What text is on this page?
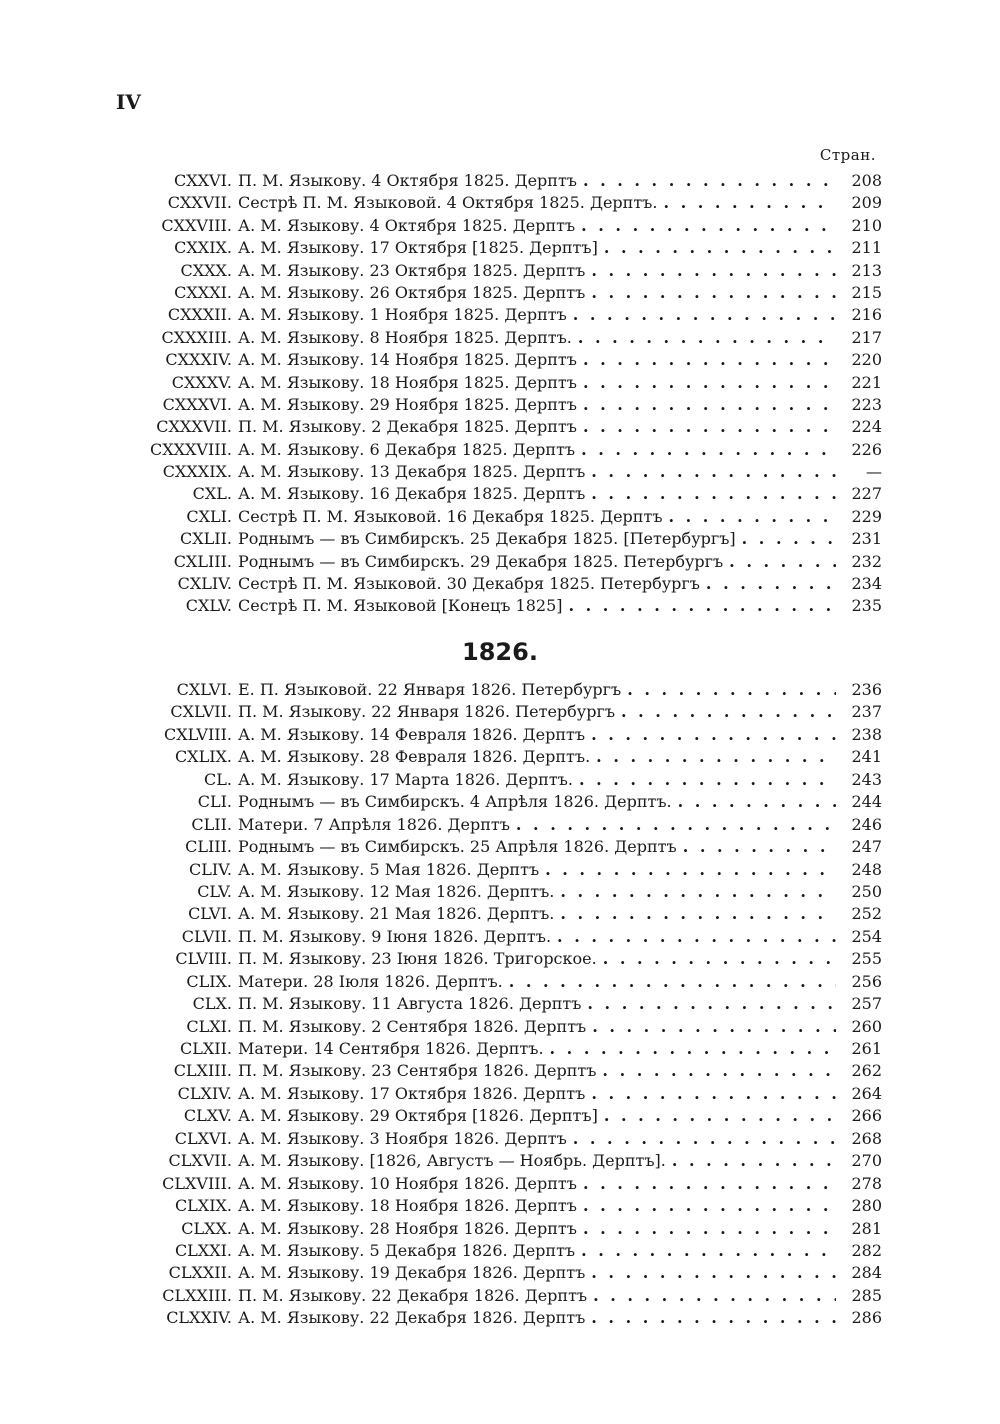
IV
Стран.
CXXVI. П. М. Языкову. 4 Октября 1825. Дерптъ . . .	208
CXXVII. Сестрѣ П. М. Языковой. 4 Октября 1825. Дерптъ. . . .	209
CXXVIII. А. М. Языкову. 4 Октября 1825. Дерптъ . . .	210
CXXIX. А. М. Языкову. 17 Октября [1825. Дерптъ] . . .	211
CXXX. А. М. Языкову. 23 Октября 1825. Дерптъ . . .	213
CXXXI. А. М. Языкову. 26 Октября 1825. Дерптъ . . .	215
CXXXII. А. М. Языкову. 1 Ноября 1825. Дерптъ . . .	216
CXXXIII. А. М. Языкову. 8 Ноября 1825. Дерптъ. . . .	217
CXXXIV. А. М. Языкову. 14 Ноября 1825. Дерптъ . . .	220
CXXXV. А. М. Языкову. 18 Ноября 1825. Дерптъ . . .	221
CXXXVI. А. М. Языкову. 29 Ноября 1825. Дерптъ . . .	223
CXXXVII. П. М. Языкову. 2 Декабря 1825. Дерптъ . . .	224
CXXXVIII. А. М. Языкову. 6 Декабря 1825. Дерптъ . . .	226
CXXXIX. А. М. Языкову. 13 Декабря 1825. Дерптъ . . .	—
CXL. А. М. Языкову. 16 Декабря 1825. Дерптъ . . .	227
CXLI. Сестрѣ П. М. Языковой. 16 Декабря 1825. Дерптъ . . .	229
CXLII. Роднымъ — въ Симбирскъ. 25 Декабря 1825. [Петербургъ] . . .	231
CXLIII. Роднымъ — въ Симбирскъ. 29 Декабря 1825. Петербургъ . . .	232
CXLIV. Сестрѣ П. М. Языковой. 30 Декабря 1825. Петербургъ . . .	234
CXLV. Сестрѣ П. М. Языковой [Конецъ 1825] . . .	235
1826.
CXLVI. Е. П. Языковой. 22 Января 1826. Петербургъ . . .	236
CXLVII. П. М. Языкову. 22 Января 1826. Петербургъ . . .	237
CXLVIII. А. М. Языкову. 14 Февраля 1826. Дерптъ . . .	238
CXLIX. А. М. Языкову. 28 Февраля 1826. Дерптъ. . . .	241
CL. А. М. Языкову. 17 Марта 1826. Дерптъ. . . .	243
CLI. Роднымъ — въ Симбирскъ. 4 Апрѣля 1826. Дерптъ. . . .	244
CLII. Матери. 7 Апрѣля 1826. Дерптъ . . .	246
CLIII. Роднымъ — въ Симбирскъ. 25 Апрѣля 1826. Дерптъ . . .	247
CLIV. А. М. Языкову. 5 Мая 1826. Дерптъ . . .	248
CLV. А. М. Языкову. 12 Мая 1826. Дерптъ. . . .	250
CLVI. А. М. Языкову. 21 Мая 1826. Дерптъ. . . .	252
CLVII. П. М. Языкову. 9 Іюня 1826. Дерптъ. . . .	254
CLVIII. П. М. Языкову. 23 Іюня 1826. Тригорское. . . .	255
CLIX. Матери. 28 Іюля 1826. Дерптъ. . . .	256
CLX. П. М. Языкову. 11 Августа 1826. Дерптъ . . .	257
CLXI. П. М. Языкову. 2 Сентября 1826. Дерптъ . . .	260
CLXII. Матери. 14 Сентября 1826. Дерптъ. . . .	261
CLXIII. П. М. Языкову. 23 Сентября 1826. Дерптъ . . .	262
CLXIV. А. М. Языкову. 17 Октября 1826. Дерптъ . . .	264
CLXV. А. М. Языкову. 29 Октября [1826. Дерптъ] . . .	266
CLXVI. А. М. Языкову. 3 Ноября 1826. Дерптъ . . .	268
CLXVII. А. М. Языкову. [1826, Августъ — Ноябрь. Дерптъ]. . . .	270
CLXVIII. А. М. Языкову. 10 Ноября 1826. Дерптъ . . .	278
CLXIX. А. М. Языкову. 18 Ноября 1826. Дерптъ . . .	280
CLXX. А. М. Языкову. 28 Ноября 1826. Дерптъ . . .	281
CLXXI. А. М. Языкову. 5 Декабря 1826. Дерптъ . . .	282
CLXXII. А. М. Языкову. 19 Декабря 1826. Дерптъ . . .	284
CLXXIII. П. М. Языкову. 22 Декабря 1826. Дерптъ . . .	285
CLXXIV. А. М. Языкову. 22 Декабря 1826. Дерптъ . . .	286
